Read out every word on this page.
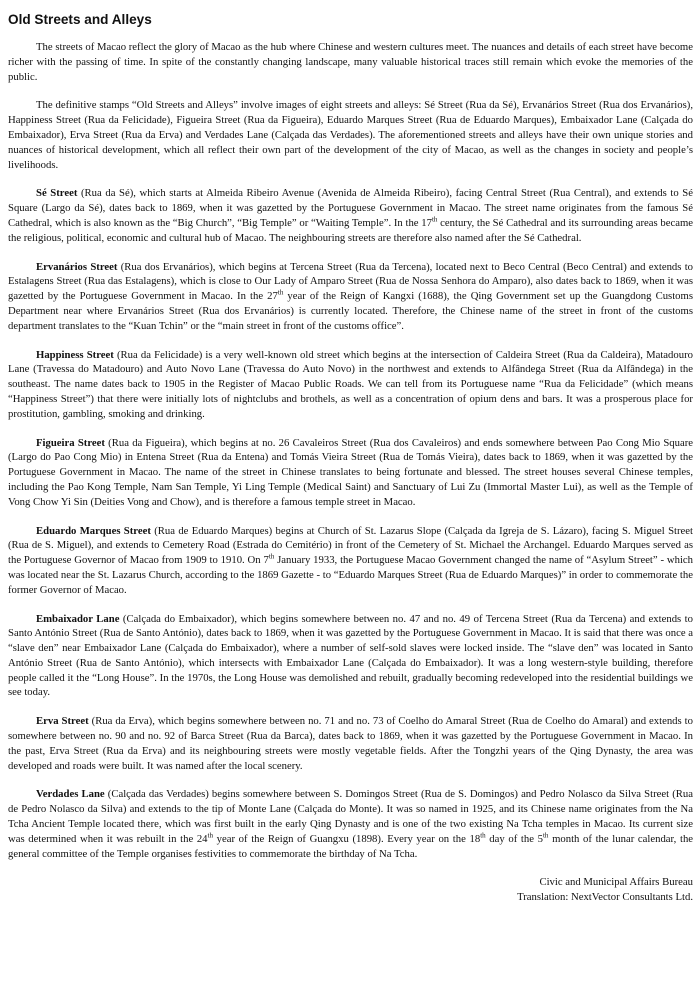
Old Streets and Alleys

The streets of Macao reflect the glory of Macao as the hub where Chinese and western cultures meet. The nuances and details of each street have become richer with the passing of time. In spite of the constantly changing landscape, many valuable historical traces still remain which evoke the memories of the public.

The definitive stamps “Old Streets and Alleys” involve images of eight streets and alleys: Sé Street (Rua da Sé), Ervanários Street (Rua dos Ervanários), Happiness Street (Rua da Felicidade), Figueira Street (Rua da Figueira), Eduardo Marques Street (Rua de Eduardo Marques), Embaixador Lane (Calçada do Embaixador), Erva Street (Rua da Erva) and Verdades Lane (Calçada das Verdades). The aforementioned streets and alleys have their own unique stories and nuances of historical development, which all reflect their own part of the development of the city of Macao, as well as the changes in society and people’s livelihoods.

Sé Street (Rua da Sé), which starts at Almeida Ribeiro Avenue (Avenida de Almeida Ribeiro), facing Central Street (Rua Central), and extends to Sé Square (Largo da Sé), dates back to 1869, when it was gazetted by the Portuguese Government in Macao. The street name originates from the famous Sé Cathedral, which is also known as the “Big Church”, “Big Temple” or “Waiting Temple”. In the 17th century, the Sé Cathedral and its surrounding areas became the religious, political, economic and cultural hub of Macao. The neighbouring streets are therefore also named after the Sé Cathedral.

Ervanários Street (Rua dos Ervanários), which begins at Tercena Street (Rua da Tercena), located next to Beco Central (Beco Central) and extends to Estalagens Street (Rua das Estalagens), which is close to Our Lady of Amparo Street (Rua de Nossa Senhora do Amparo), also dates back to 1869, when it was gazetted by the Portuguese Government in Macao. In the 27th year of the Reign of Kangxi (1688), the Qing Government set up the Guangdong Customs Department near where Ervanários Street (Rua dos Ervanários) is currently located. Therefore, the Chinese name of the street in front of the customs department translates to the “Kuan Tchin” or the “main street in front of the customs office”.

Happiness Street (Rua da Felicidade) is a very well-known old street which begins at the intersection of Caldeira Street (Rua da Caldeira), Matadouro Lane (Travessa do Matadouro) and Auto Novo Lane (Travessa do Auto Novo) in the northwest and extends to Alfândega Street (Rua da Alfândega) in the southeast. The name dates back to 1905 in the Register of Macao Public Roads. We can tell from its Portuguese name “Rua da Felicidade” (which means “Happiness Street”) that there were initially lots of nightclubs and brothels, as well as a concentration of opium dens and bars. It was a prosperous place for prostitution, gambling, smoking and drinking.

Figueira Street (Rua da Figueira), which begins at no. 26 Cavaleiros Street (Rua dos Cavaleiros) and ends somewhere between Pao Cong Mio Square (Largo do Pao Cong Mio) in Entena Street (Rua da Entena) and Tomás Vieira Street (Rua de Tomás Vieira), dates back to 1869, when it was gazetted by the Portuguese Government in Macao. The name of the street in Chinese translates to being fortunate and blessed. The street houses several Chinese temples, including the Pao Kong Temple, Nam San Temple, Yi Ling Temple (Medical Saint) and Sanctuary of Lui Zu (Immortal Master Lui), as well as the Temple of Vong Chow Yi Sin (Deities Vong and Chow), and is therefore a famous temple street in Macao.

Eduardo Marques Street (Rua de Eduardo Marques) begins at Church of St. Lazarus Slope (Calçada da Igreja de S. Lázaro), facing S. Miguel Street (Rua de S. Miguel), and extends to Cemetery Road (Estrada do Cemitério) in front of the Cemetery of St. Michael the Archangel. Eduardo Marques served as the Portuguese Governor of Macao from 1909 to 1910. On 7th January 1933, the Portuguese Macao Government changed the name of “Asylum Street” - which was located near the St. Lazarus Church, according to the 1869 Gazette - to “Eduardo Marques Street (Rua de Eduardo Marques)” in order to commemorate the former Governor of Macao.

Embaixador Lane (Calçada do Embaixador), which begins somewhere between no. 47 and no. 49 of Tercena Street (Rua da Tercena) and extends to Santo António Street (Rua de Santo António), dates back to 1869, when it was gazetted by the Portuguese Government in Macao. It is said that there was once a “slave den” near Embaixador Lane (Calçada do Embaixador), where a number of self-sold slaves were locked inside. The “slave den” was located in Santo António Street (Rua de Santo António), which intersects with Embaixador Lane (Calçada do Embaixador). It was a long western-style building, therefore people called it the “Long House”. In the 1970s, the Long House was demolished and rebuilt, gradually becoming redeveloped into the residential buildings we see today.

Erva Street (Rua da Erva), which begins somewhere between no. 71 and no. 73 of Coelho do Amaral Street (Rua de Coelho do Amaral) and extends to somewhere between no. 90 and no. 92 of Barca Street (Rua da Barca), dates back to 1869, when it was gazetted by the Portuguese Government in Macao. In the past, Erva Street (Rua da Erva) and its neighbouring streets were mostly vegetable fields. After the Tongzhi years of the Qing Dynasty, the area was developed and roads were built. It was named after the local scenery.

Verdades Lane (Calçada das Verdades) begins somewhere between S. Domingos Street (Rua de S. Domingos) and Pedro Nolasco da Silva Street (Rua de Pedro Nolasco da Silva) and extends to the tip of Monte Lane (Calçada do Monte). It was so named in 1925, and its Chinese name originates from the Na Tcha Ancient Temple located there, which was first built in the early Qing Dynasty and is one of the two existing Na Tcha temples in Macao. Its current size was determined when it was rebuilt in the 24th year of the Reign of Guangxu (1898). Every year on the 18th day of the 5th month of the lunar calendar, the general committee of the Temple organises festivities to commemorate the birthday of Na Tcha.

Civic and Municipal Affairs Bureau
Translation: NextVector Consultants Ltd.
